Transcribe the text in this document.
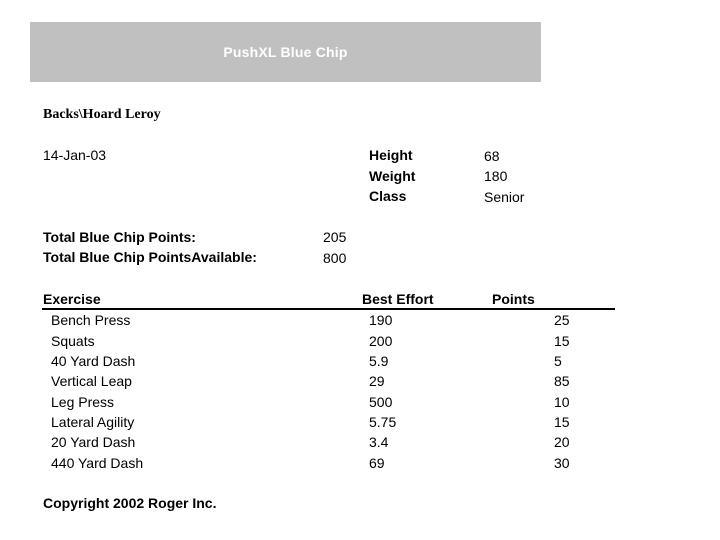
PushXL Blue Chip
Backs\Hoard Leroy
14-Jan-03	Height	68
Weight	180
Class	Senior
Total Blue Chip Points:	205
Total Blue Chip PointsAvailable:	800
Exercise	Best Effort	Points
Bench Press	190	25
Squats	200	15
40 Yard Dash	5.9	5
Vertical Leap	29	85
Leg Press	500	10
Lateral Agility	5.75	15
20 Yard Dash	3.4	20
440 Yard Dash	69	30
Copyright 2002 Roger Inc.
